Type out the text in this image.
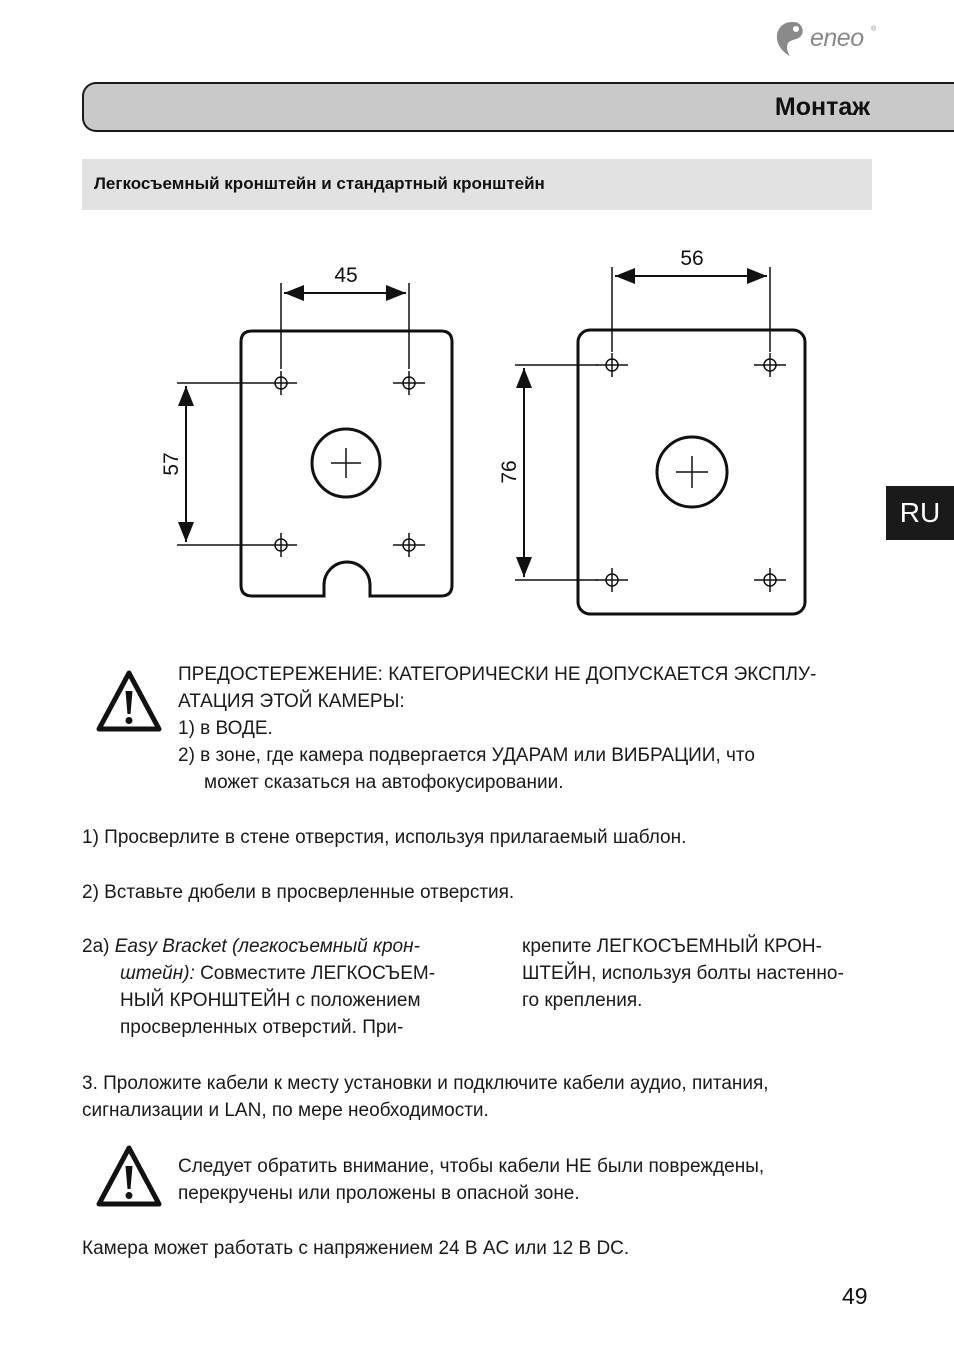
eneo ®
Монтаж
Легкосъемный кронштейн и стандартный кронштейн
RU
45
57
56
76
ПРЕДОСТЕРЕЖЕНИЕ: КАТЕГОРИЧЕСКИ НЕ ДОПУСКАЕТСЯ ЭКСПЛУ-
АТАЦИЯ ЭТОЙ КАМЕРЫ:
1) в ВОДЕ.
2) в зоне, где камера подвергается УДАРАМ или ВИБРАЦИИ, что
может сказаться на автофокусировании.
1) Просверлите в стене отверстия, используя прилагаемый шаблон.
2) Вставьте дюбели в просверленные отверстия.
2a) Easy Bracket (легкосъемный крон-
штейн): Совместите ЛЕГКОСЪЕМ-
НЫЙ КРОНШТЕЙН с положением
просверленных отверстий. При-
крепите ЛЕГКОСЪЕМНЫЙ КРОН-
ШТЕЙН, используя болты настенно-
го крепления.
3. Проложите кабели к месту установки и подключите кабели аудио, питания,
сигнализации и LAN, по мере необходимости.
Следует обратить внимание, чтобы кабели НЕ были повреждены,
перекручены или проложены в опасной зоне.
Камера может работать с напряжением 24 В AC или 12 В DC.
49
